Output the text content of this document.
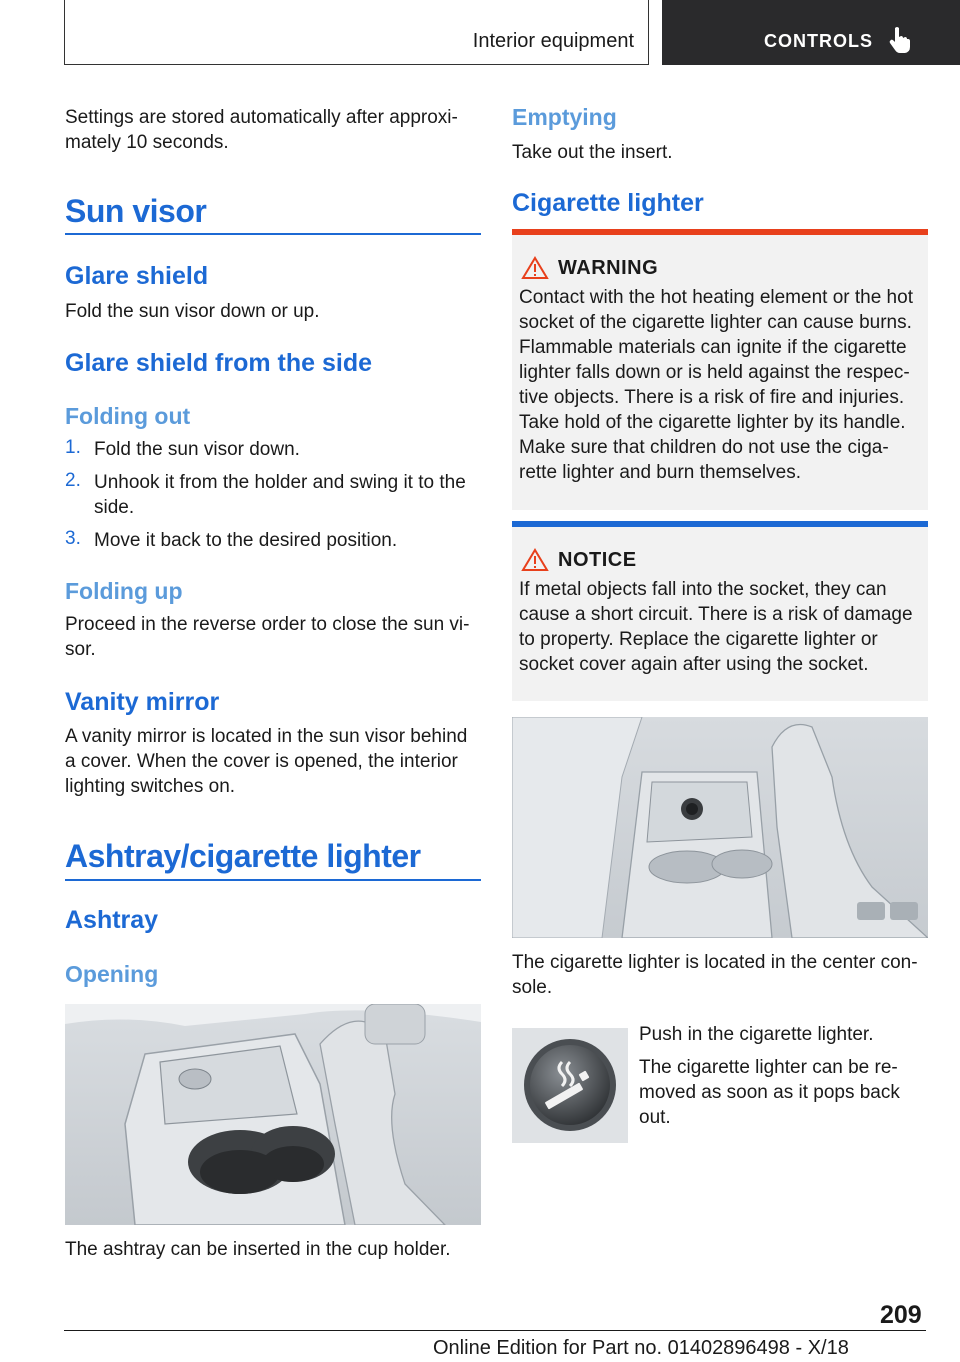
Interior equipment	CONTROLS
Settings are stored automatically after approxi-
mately 10 seconds.
Sun visor
Glare shield
Fold the sun visor down or up.
Glare shield from the side
Folding out
1. Fold the sun visor down.
2. Unhook it from the holder and swing it to the side.
3. Move it back to the desired position.
Folding up
Proceed in the reverse order to close the sun vi-
sor.
Vanity mirror
A vanity mirror is located in the sun visor behind a cover. When the cover is opened, the interior lighting switches on.
Ashtray/cigarette lighter
Ashtray
Opening
The ashtray can be inserted in the cup holder.
Emptying
Take out the insert.
Cigarette lighter
WARNING
Contact with the hot heating element or the hot socket of the cigarette lighter can cause burns. Flammable materials can ignite if the cigarette lighter falls down or is held against the respec-tive objects. There is a risk of fire and injuries. Take hold of the cigarette lighter by its handle. Make sure that children do not use the ciga-rette lighter and burn themselves.
NOTICE
If metal objects fall into the socket, they can cause a short circuit. There is a risk of damage to property. Replace the cigarette lighter or socket cover again after using the socket.
The cigarette lighter is located in the center con-
sole.
Push in the cigarette lighter.
The cigarette lighter can be re-
moved as soon as it pops back
out.
209
Online Edition for Part no. 01402896498 - X/18
